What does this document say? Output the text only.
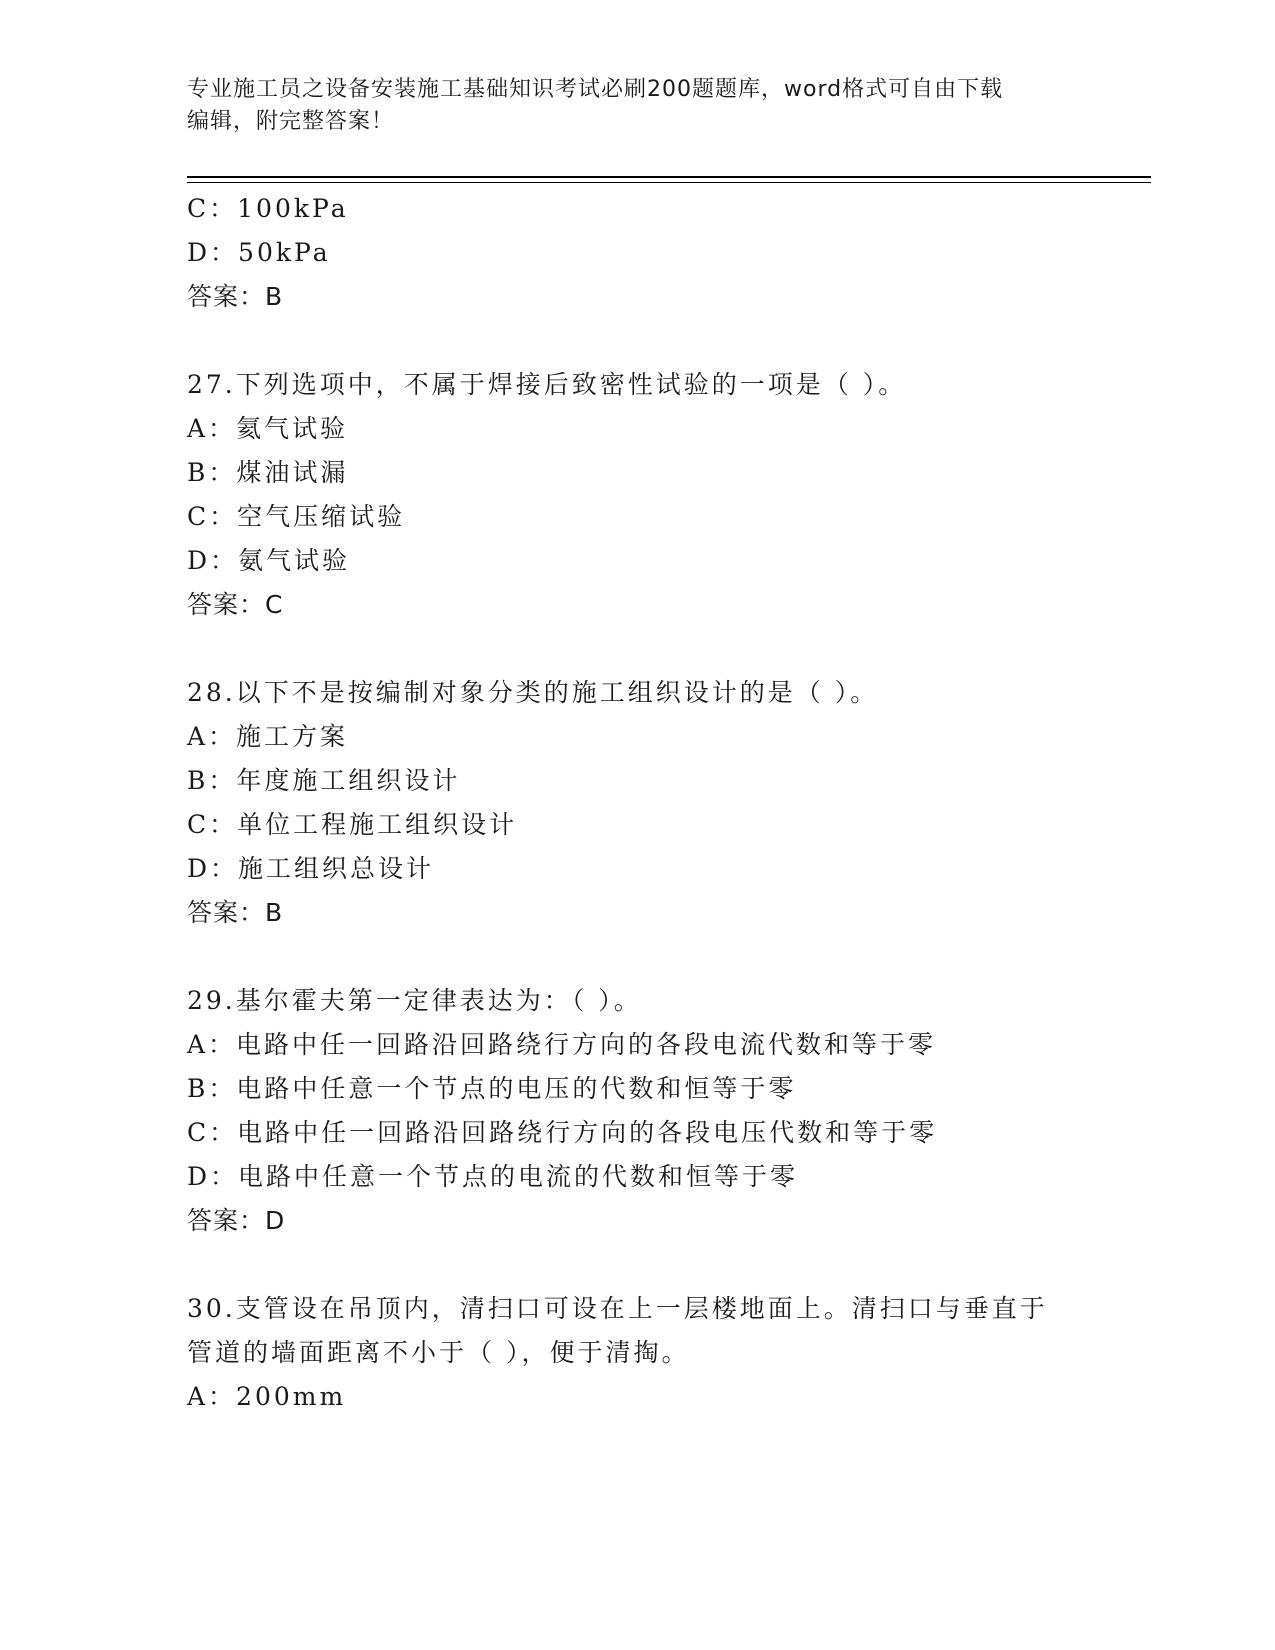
专业施工员之设备安装施工基础知识考试必刷200题题库，word格式可自由下载
编辑，附完整答案！
C：100kPa
D：50kPa
答案：B
27.下列选项中，不属于焊接后致密性试验的一项是（ ）。
A：氦气试验
B：煤油试漏
C：空气压缩试验
D：氨气试验
答案：C
28.以下不是按编制对象分类的施工组织设计的是（ ）。
A：施工方案
B：年度施工组织设计
C：单位工程施工组织设计
D：施工组织总设计
答案：B
29.基尔霍夫第一定律表达为：（ ）。
A：电路中任一回路沿回路绕行方向的各段电流代数和等于零
B：电路中任意一个节点的电压的代数和恒等于零
C：电路中任一回路沿回路绕行方向的各段电压代数和等于零
D：电路中任意一个节点的电流的代数和恒等于零
答案：D
30.支管设在吊顶内，清扫口可设在上一层楼地面上。清扫口与垂直于
管道的墙面距离不小于（ ），便于清掏。
A：200mm
